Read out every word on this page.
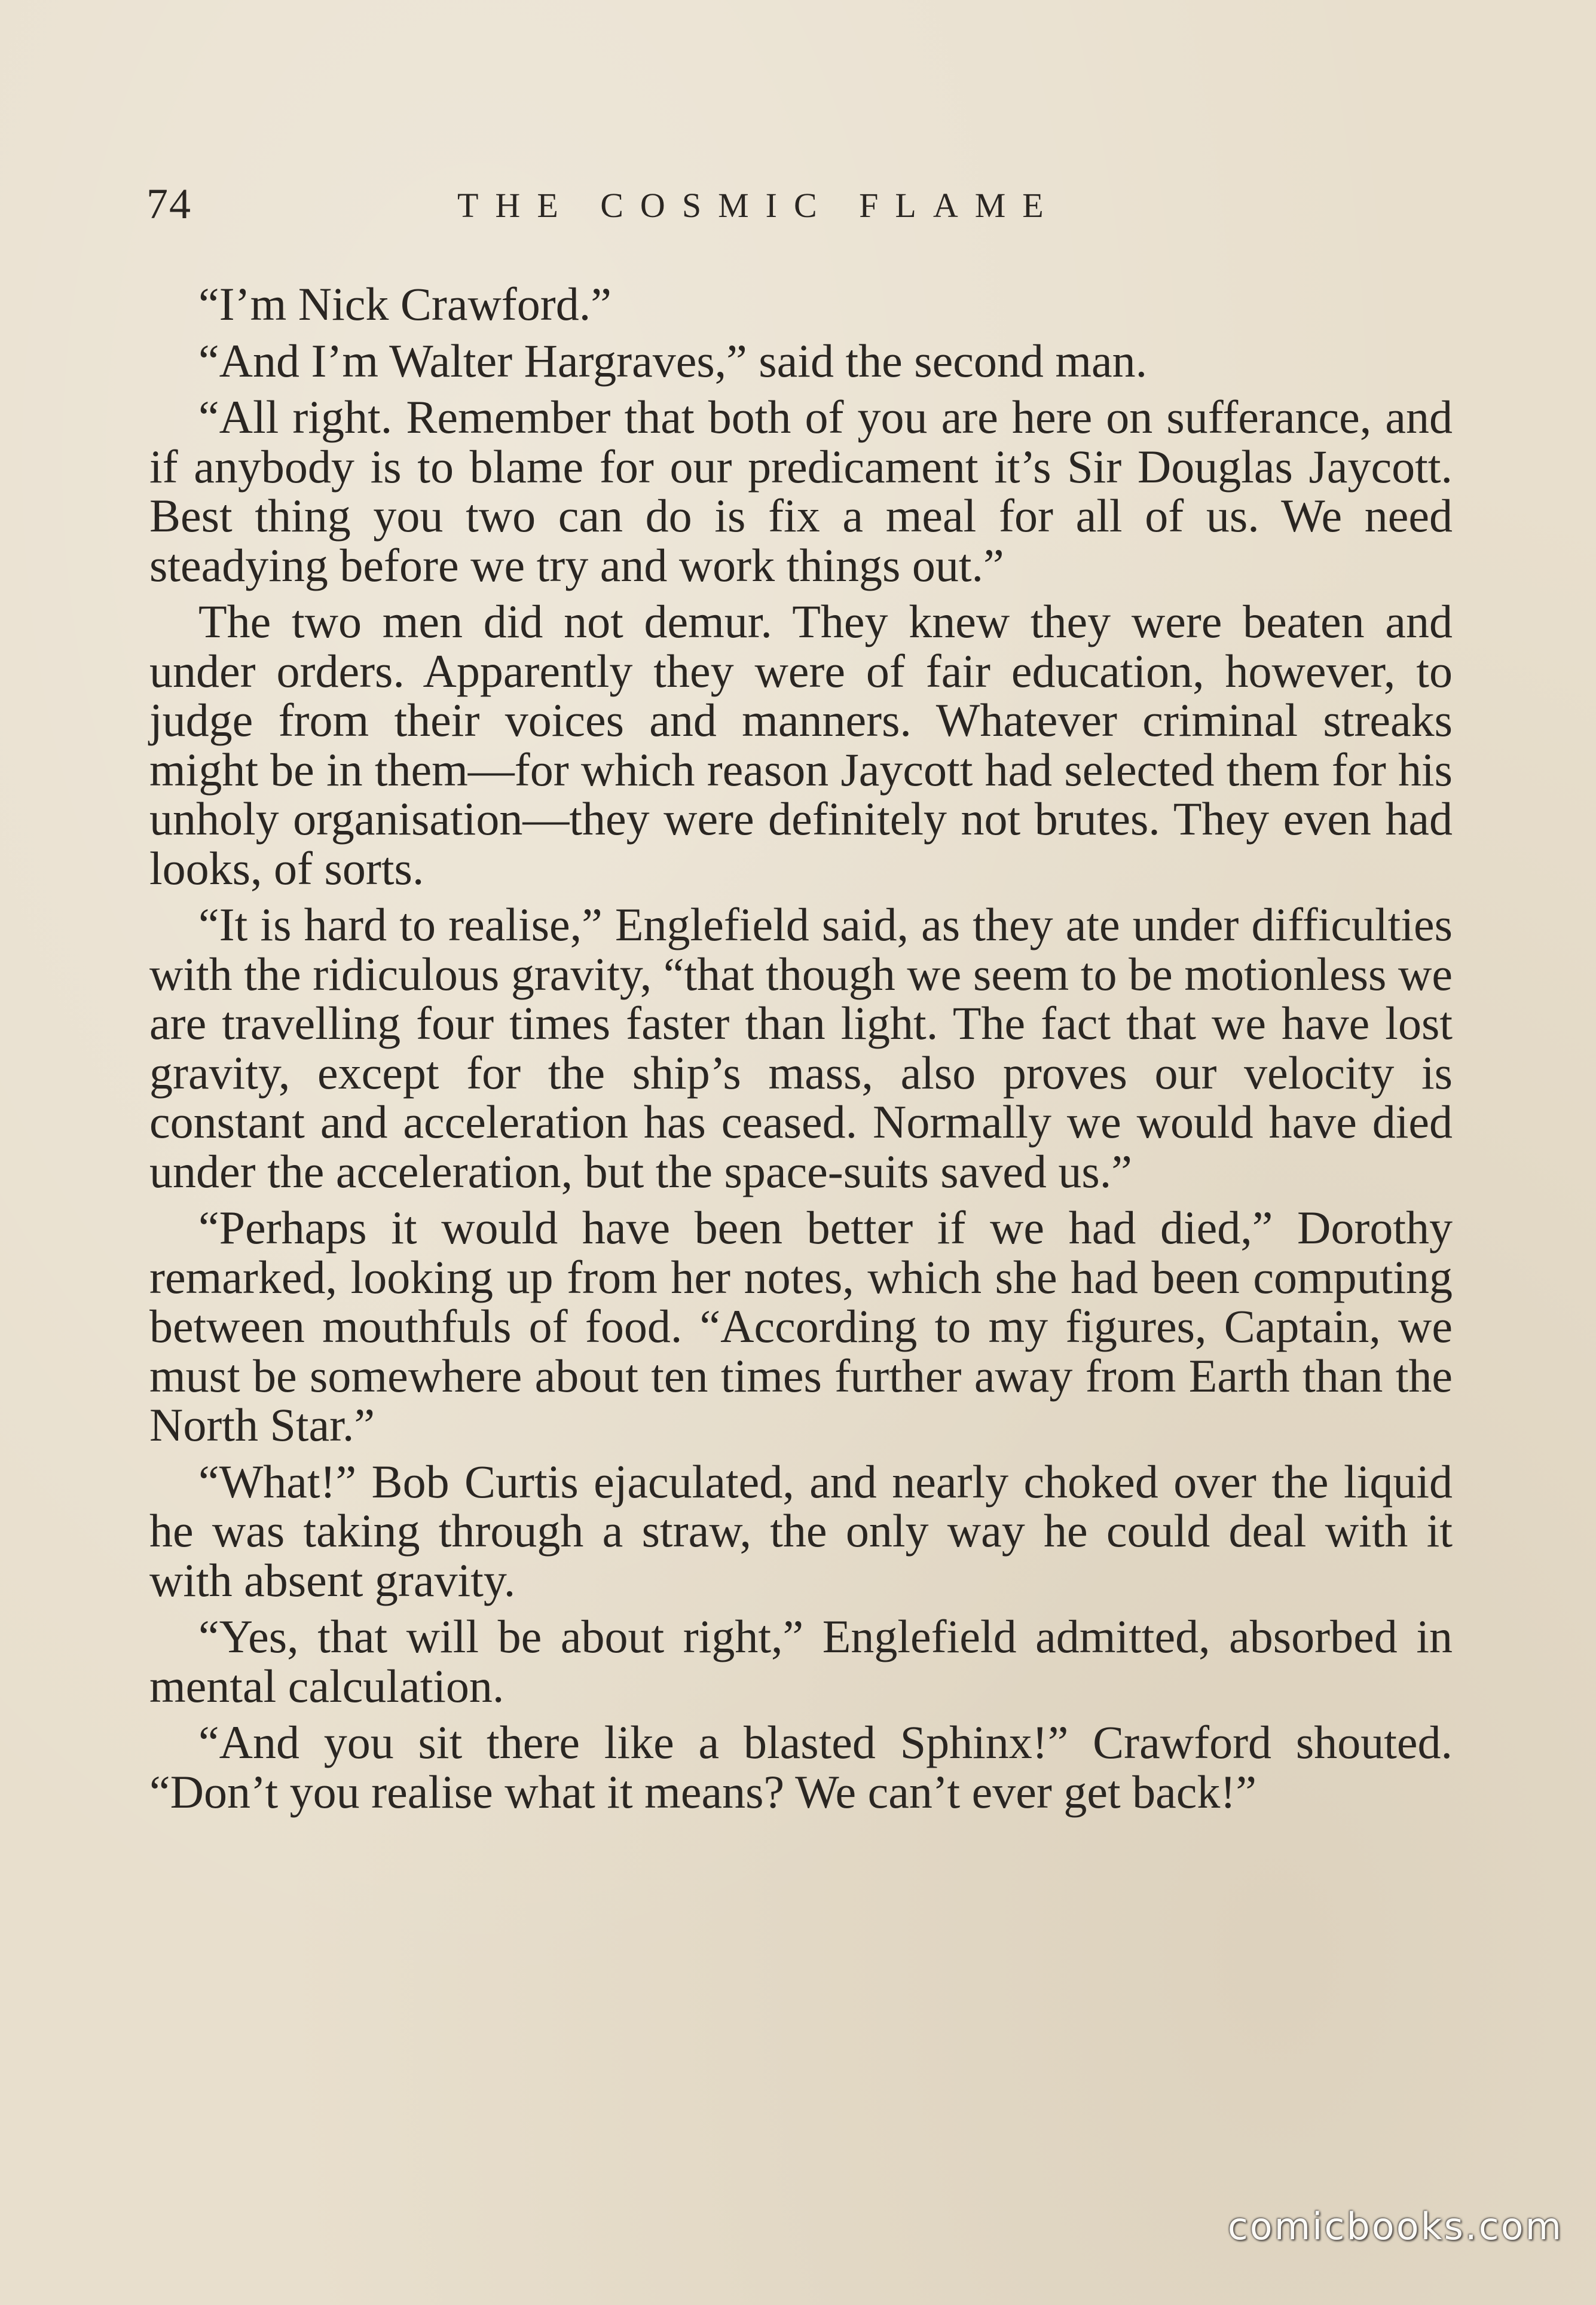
74	THE COSMIC FLAME

“I’m Nick Crawford.”

“And I’m Walter Hargraves,” said the second man.

“All right. Remember that both of you are here on sufferance, and if anybody is to blame for our predicament it’s Sir Douglas Jaycott. Best thing you two can do is fix a meal for all of us. We need steadying before we try and work things out.”

The two men did not demur. They knew they were beaten and under orders. Apparently they were of fair education, however, to judge from their voices and manners. Whatever criminal streaks might be in them—for which reason Jaycott had selected them for his unholy organisation—they were definitely not brutes. They even had looks, of sorts.

“It is hard to realise,” Englefield said, as they ate under difficulties with the ridiculous gravity, “that though we seem to be motionless we are travelling four times faster than light. The fact that we have lost gravity, except for the ship’s mass, also proves our velocity is constant and acceleration has ceased. Normally we would have died under the acceleration, but the space-suits saved us.”

“Perhaps it would have been better if we had died,” Dorothy remarked, looking up from her notes, which she had been computing between mouthfuls of food. “According to my figures, Captain, we must be somewhere about ten times further away from Earth than the North Star.”

“What!” Bob Curtis ejaculated, and nearly choked over the liquid he was taking through a straw, the only way he could deal with it with absent gravity.

“Yes, that will be about right,” Englefield admitted, absorbed in mental calculation.

“And you sit there like a blasted Sphinx!” Crawford shouted. “Don’t you realise what it means? We can’t ever get back!”

comicbooks.com
